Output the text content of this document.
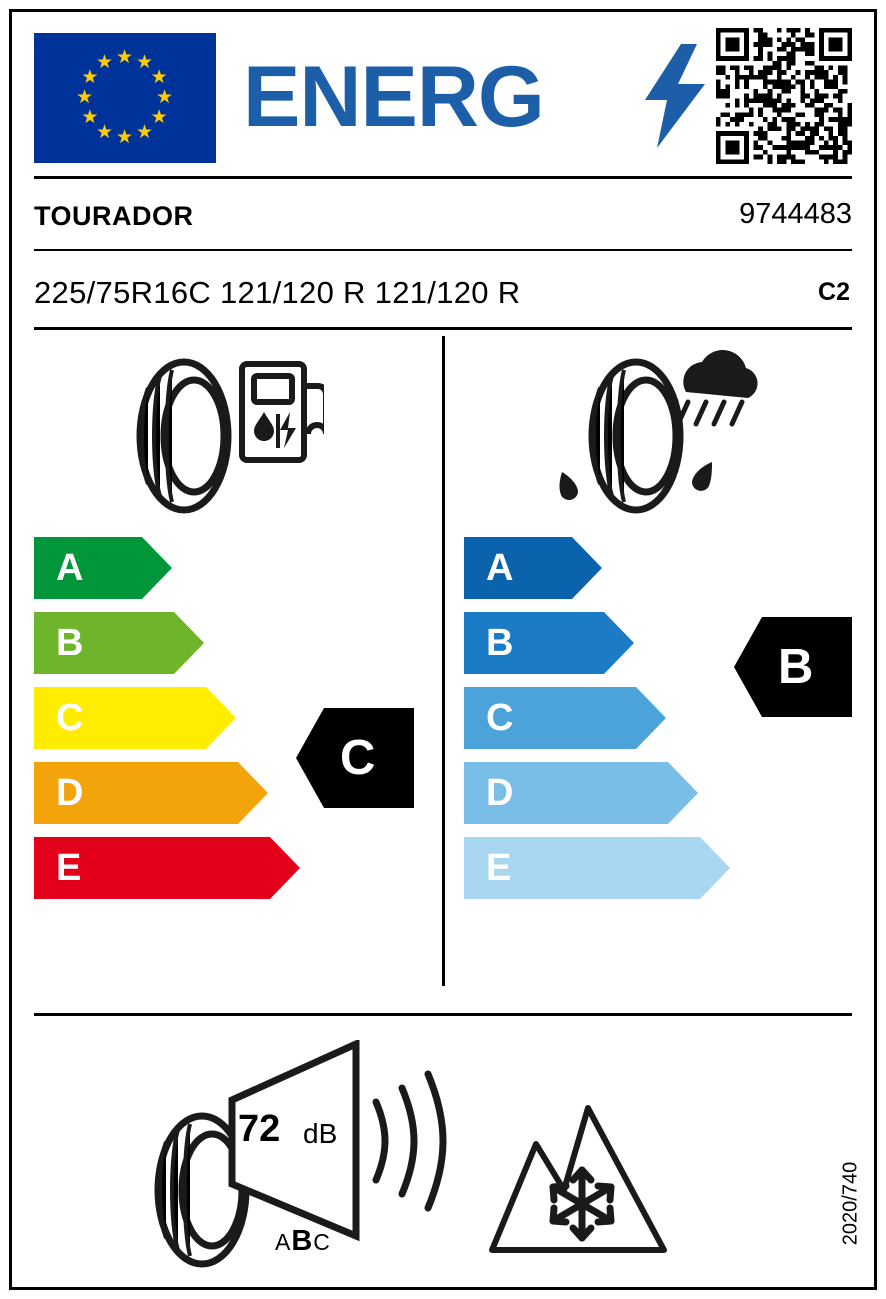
★ ★
★
★
★
★
★
★
★
★
★
★ ENERG
TOURADOR	9744483
225/75R16C 121/120 R 121/120 R	C2
A
B
C
D
E
C
A
B
C
D
E
B
72 dB
ABC	2020/740
